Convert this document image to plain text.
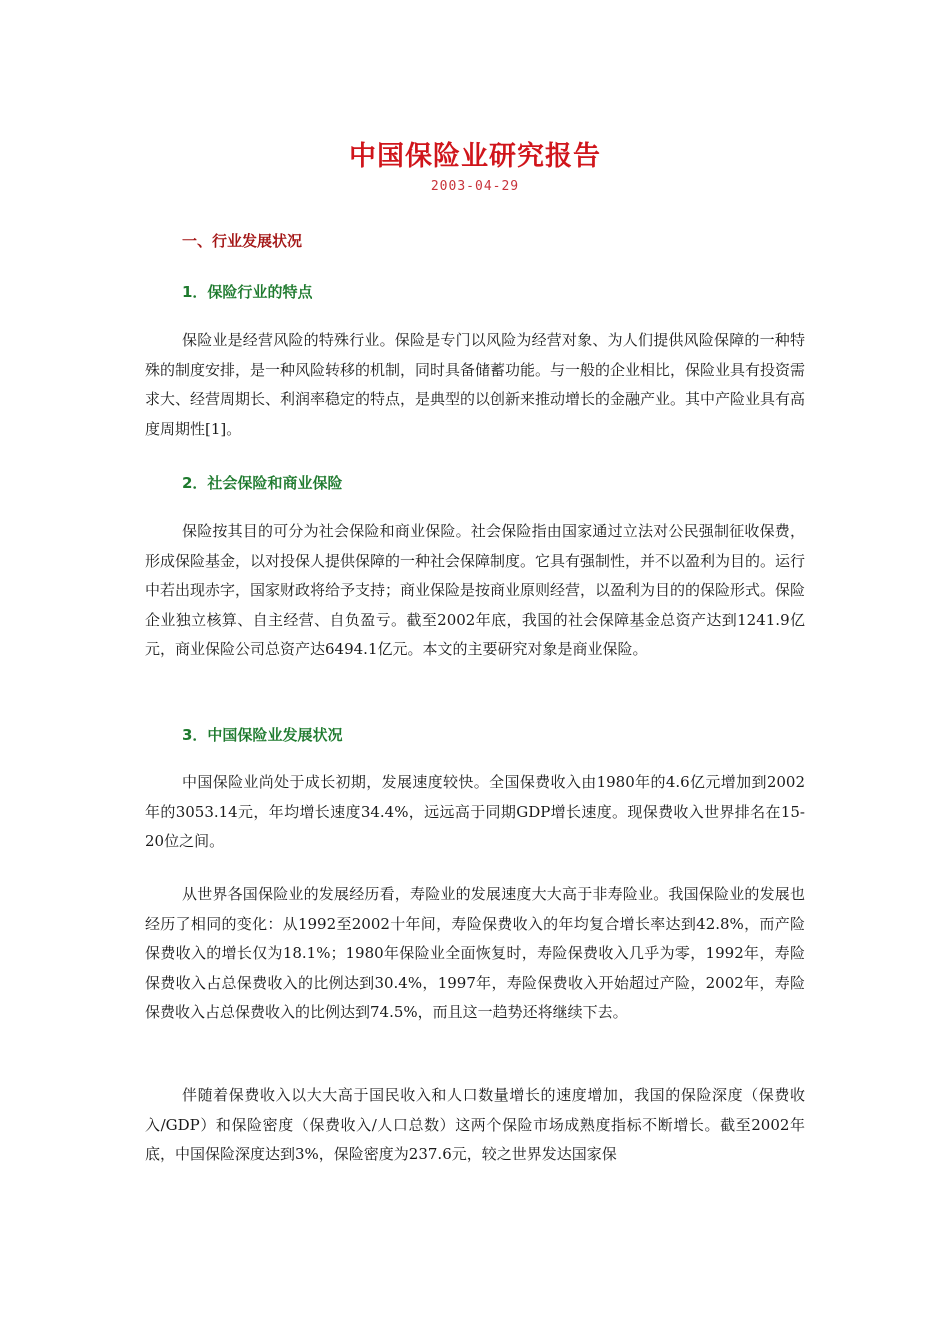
中国保险业研究报告
2003-04-29
一、行业发展状况
1．保险行业的特点

保险业是经营风险的特殊行业。保险是专门以风险为经营对象、为人们提供风险保障的一种特殊的制度安排，是一种风险转移的机制，同时具备储蓄功能。与一般的企业相比，保险业具有投资需求大、经营周期长、利润率稳定的特点，是典型的以创新来推动增长的金融产业。其中产险业具有高度周期性[1]。

2．社会保险和商业保险

保险按其目的可分为社会保险和商业保险。社会保险指由国家通过立法对公民强制征收保费，形成保险基金，以对投保人提供保障的一种社会保障制度。它具有强制性，并不以盈利为目的。运行中若出现赤字，国家财政将给予支持；商业保险是按商业原则经营，以盈利为目的的保险形式。保险企业独立核算、自主经营、自负盈亏。截至2002年底，我国的社会保障基金总资产达到1241.9亿元，商业保险公司总资产达6494.1亿元。本文的主要研究对象是商业保险。

3．中国保险业发展状况

中国保险业尚处于成长初期，发展速度较快。全国保费收入由1980年的4.6亿元增加到2002年的3053.14元，年均增长速度34.4%，远远高于同期GDP增长速度。现保费收入世界排名在15-20位之间。

从世界各国保险业的发展经历看，寿险业的发展速度大大高于非寿险业。我国保险业的发展也经历了相同的变化：从1992至2002十年间，寿险保费收入的年均复合增长率达到42.8%，而产险保费收入的增长仅为18.1%；1980年保险业全面恢复时，寿险保费收入几乎为零，1992年，寿险保费收入占总保费收入的比例达到30.4%，1997年，寿险保费收入开始超过产险，2002年，寿险保费收入占总保费收入的比例达到74.5%，而且这一趋势还将继续下去。

伴随着保费收入以大大高于国民收入和人口数量增长的速度增加，我国的保险深度（保费收入/GDP）和保险密度（保费收入/人口总数）这两个保险市场成熟度指标不断增长。截至2002年底，中国保险深度达到3%，保险密度为237.6元，较之世界发达国家保
